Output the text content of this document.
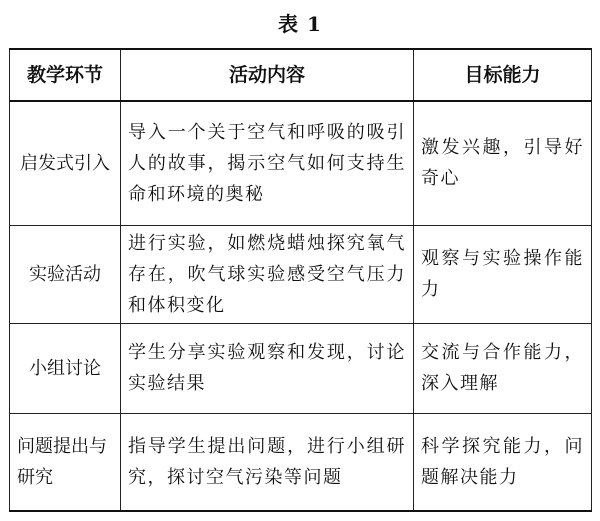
表 1
教学环节	活动内容	目标能力
启发式引入	导入一个关于空气和呼吸的吸引人的故事，揭示空气如何支持生命和环境的奥秘	激发兴趣，引导好奇心
实验活动	进行实验，如燃烧蜡烛探究氧气存在，吹气球实验感受空气压力和体积变化	观察与实验操作能力
小组讨论	学生分享实验观察和发现，讨论实验结果	交流与合作能力，深入理解
问题提出与研究	指导学生提出问题，进行小组研究，探讨空气污染等问题	科学探究能力，问题解决能力
